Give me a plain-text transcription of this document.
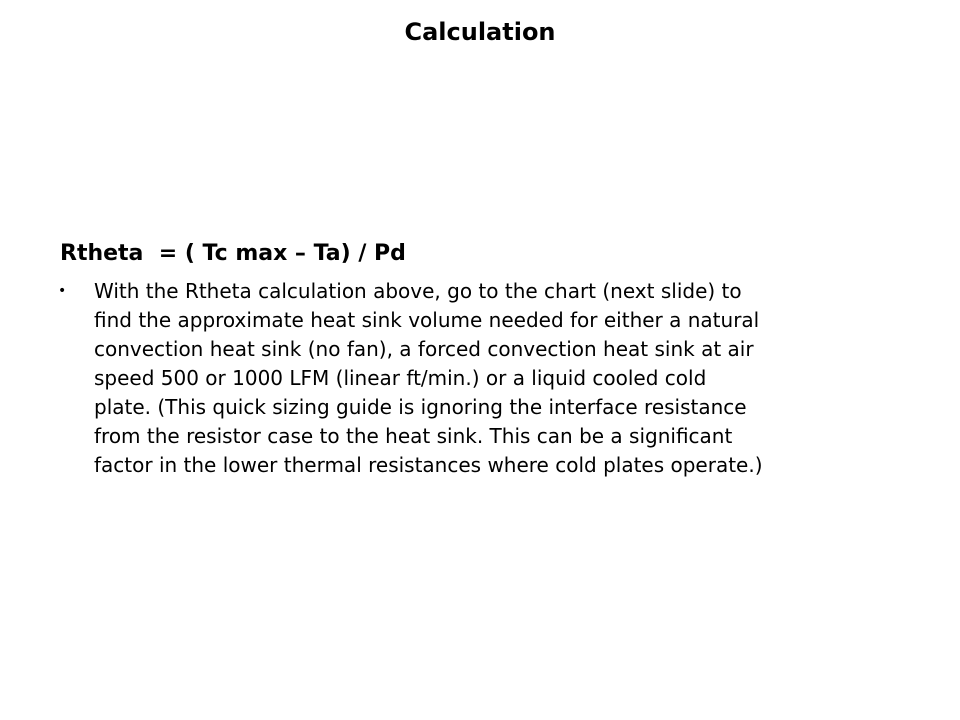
Calculation

Rtheta  = ( Tc max – Ta) / Pd

• With the Rtheta calculation above, go to the chart (next slide) to
find the approximate heat sink volume needed for either a natural
convection heat sink (no fan), a forced convection heat sink at air
speed 500 or 1000 LFM (linear ft/min.) or a liquid cooled cold
plate. (This quick sizing guide is ignoring the interface resistance
from the resistor case to the heat sink. This can be a significant
factor in the lower thermal resistances where cold plates operate.)
